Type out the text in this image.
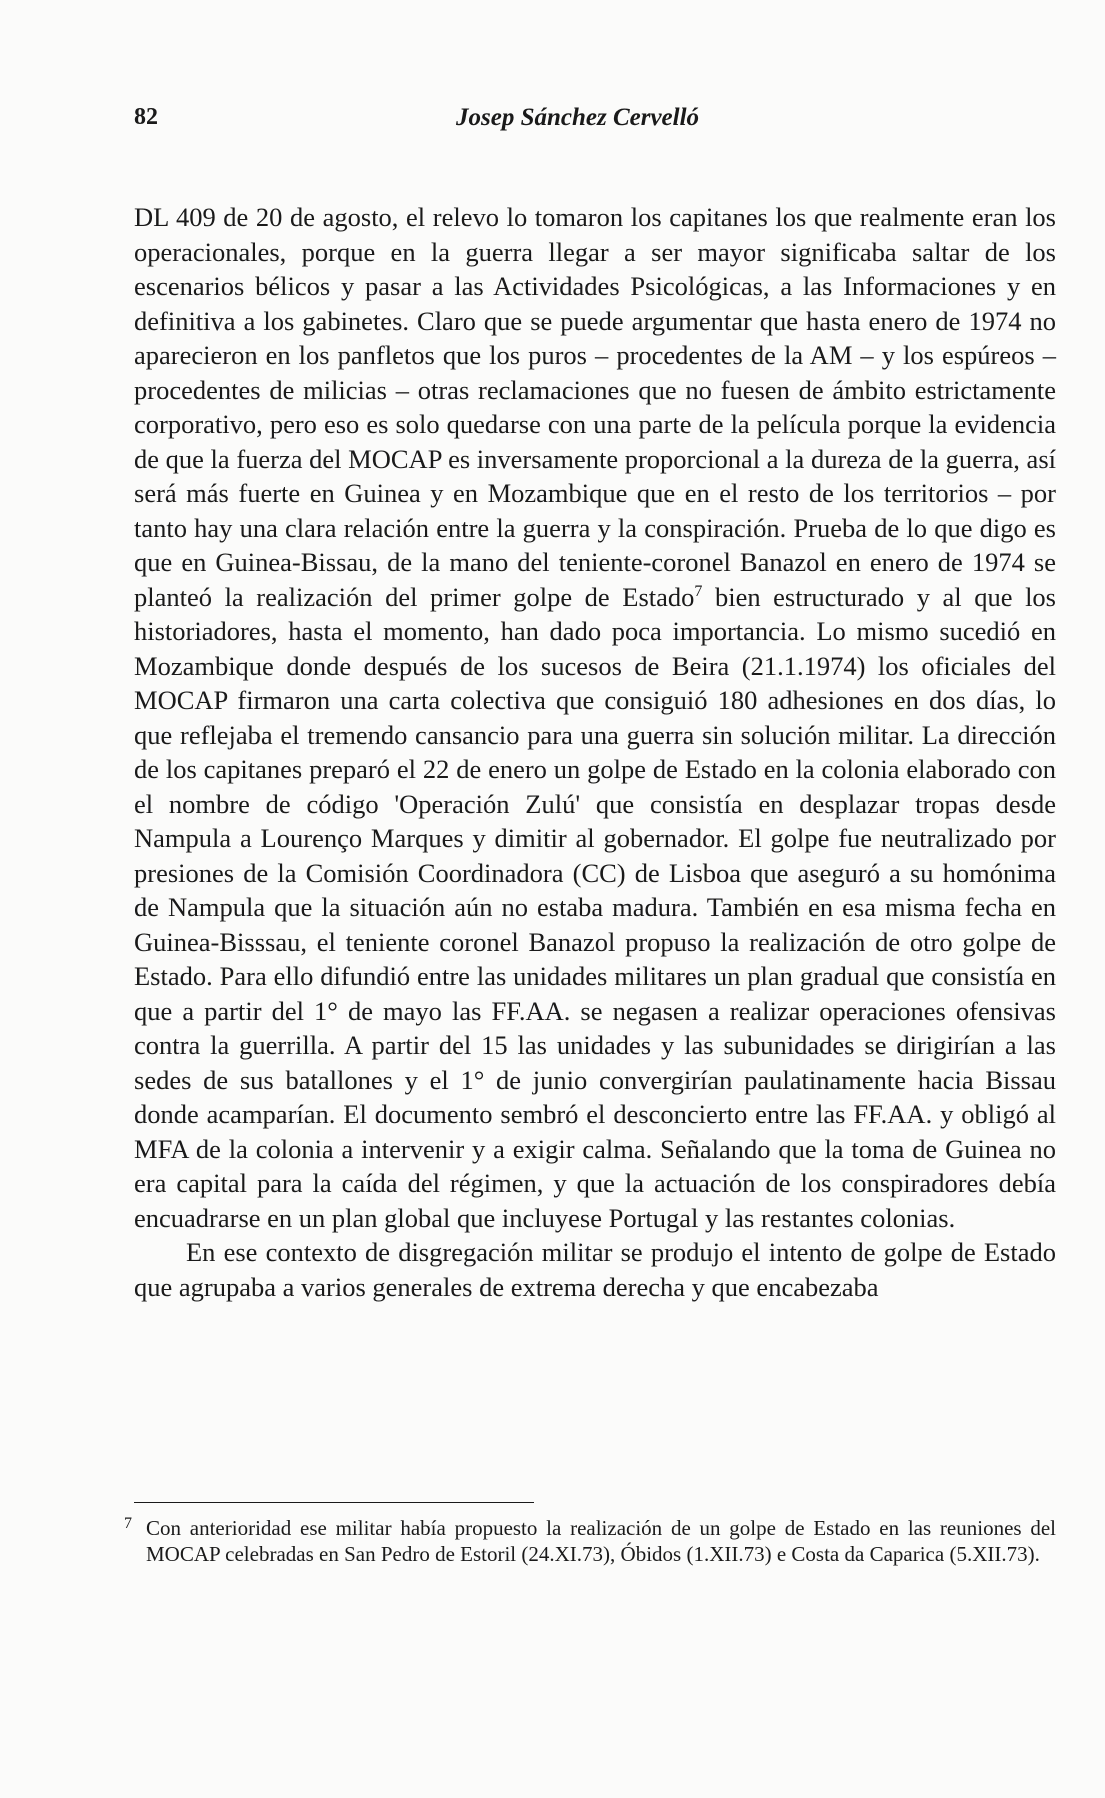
82	Josep Sánchez Cervelló

DL 409 de 20 de agosto, el relevo lo tomaron los capitanes los que realmente eran los operacionales, porque en la guerra llegar a ser mayor significaba saltar de los escenarios bélicos y pasar a las Actividades Psicológicas, a las Informaciones y en definitiva a los gabinetes. Claro que se puede argumentar que hasta enero de 1974 no aparecieron en los panfletos que los puros – procedentes de la AM – y los espúreos – procedentes de milicias – otras reclamaciones que no fuesen de ámbito estrictamente corporativo, pero eso es solo quedarse con una parte de la película porque la evidencia de que la fuerza del MOCAP es inversamente proporcional a la dureza de la guerra, así será más fuerte en Guinea y en Mozambique que en el resto de los territorios – por tanto hay una clara relación entre la guerra y la conspiración. Prueba de lo que digo es que en Guinea-Bissau, de la mano del teniente-coronel Banazol en enero de 1974 se planteó la realización del primer golpe de Estado$^7$ bien estructurado y al que los historiadores, hasta el momento, han dado poca importancia. Lo mismo sucedió en Mozambique donde después de los sucesos de Beira (21.1.1974) los oficiales del MOCAP firmaron una carta colectiva que consiguió 180 adhesiones en dos días, lo que reflejaba el tremendo cansancio para una guerra sin solución militar. La dirección de los capitanes preparó el 22 de enero un golpe de Estado en la colonia elaborado con el nombre de código 'Operación Zulú' que consistía en desplazar tropas desde Nampula a Lourenço Marques y dimitir al gobernador. El golpe fue neutralizado por presiones de la Comisión Coordinadora (CC) de Lisboa que aseguró a su homónima de Nampula que la situación aún no estaba madura. También en esa misma fecha en Guinea-Bisssau, el teniente coronel Banazol propuso la realización de otro golpe de Estado. Para ello difundió entre las unidades militares un plan gradual que consistía en que a partir del 1° de mayo las FF.AA. se negasen a realizar operaciones ofensivas contra la guerrilla. A partir del 15 las unidades y las subunidades se dirigirían a las sedes de sus batallones y el 1° de junio convergirían paulatinamente hacia Bissau donde acamparían. El documento sembró el desconcierto entre las FF.AA. y obligó al MFA de la colonia a intervenir y a exigir calma. Señalando que la toma de Guinea no era capital para la caída del régimen, y que la actuación de los conspiradores debía encuadrarse en un plan global que incluyese Portugal y las restantes colonias.

En ese contexto de disgregación militar se produjo el intento de golpe de Estado que agrupaba a varios generales de extrema derecha y que encabezaba

7 Con anterioridad ese militar había propuesto la realización de un golpe de Estado en las reuniones del MOCAP celebradas en San Pedro de Estoril (24.XI.73), Óbidos (1.XII.73) e Costa da Caparica (5.XII.73).
